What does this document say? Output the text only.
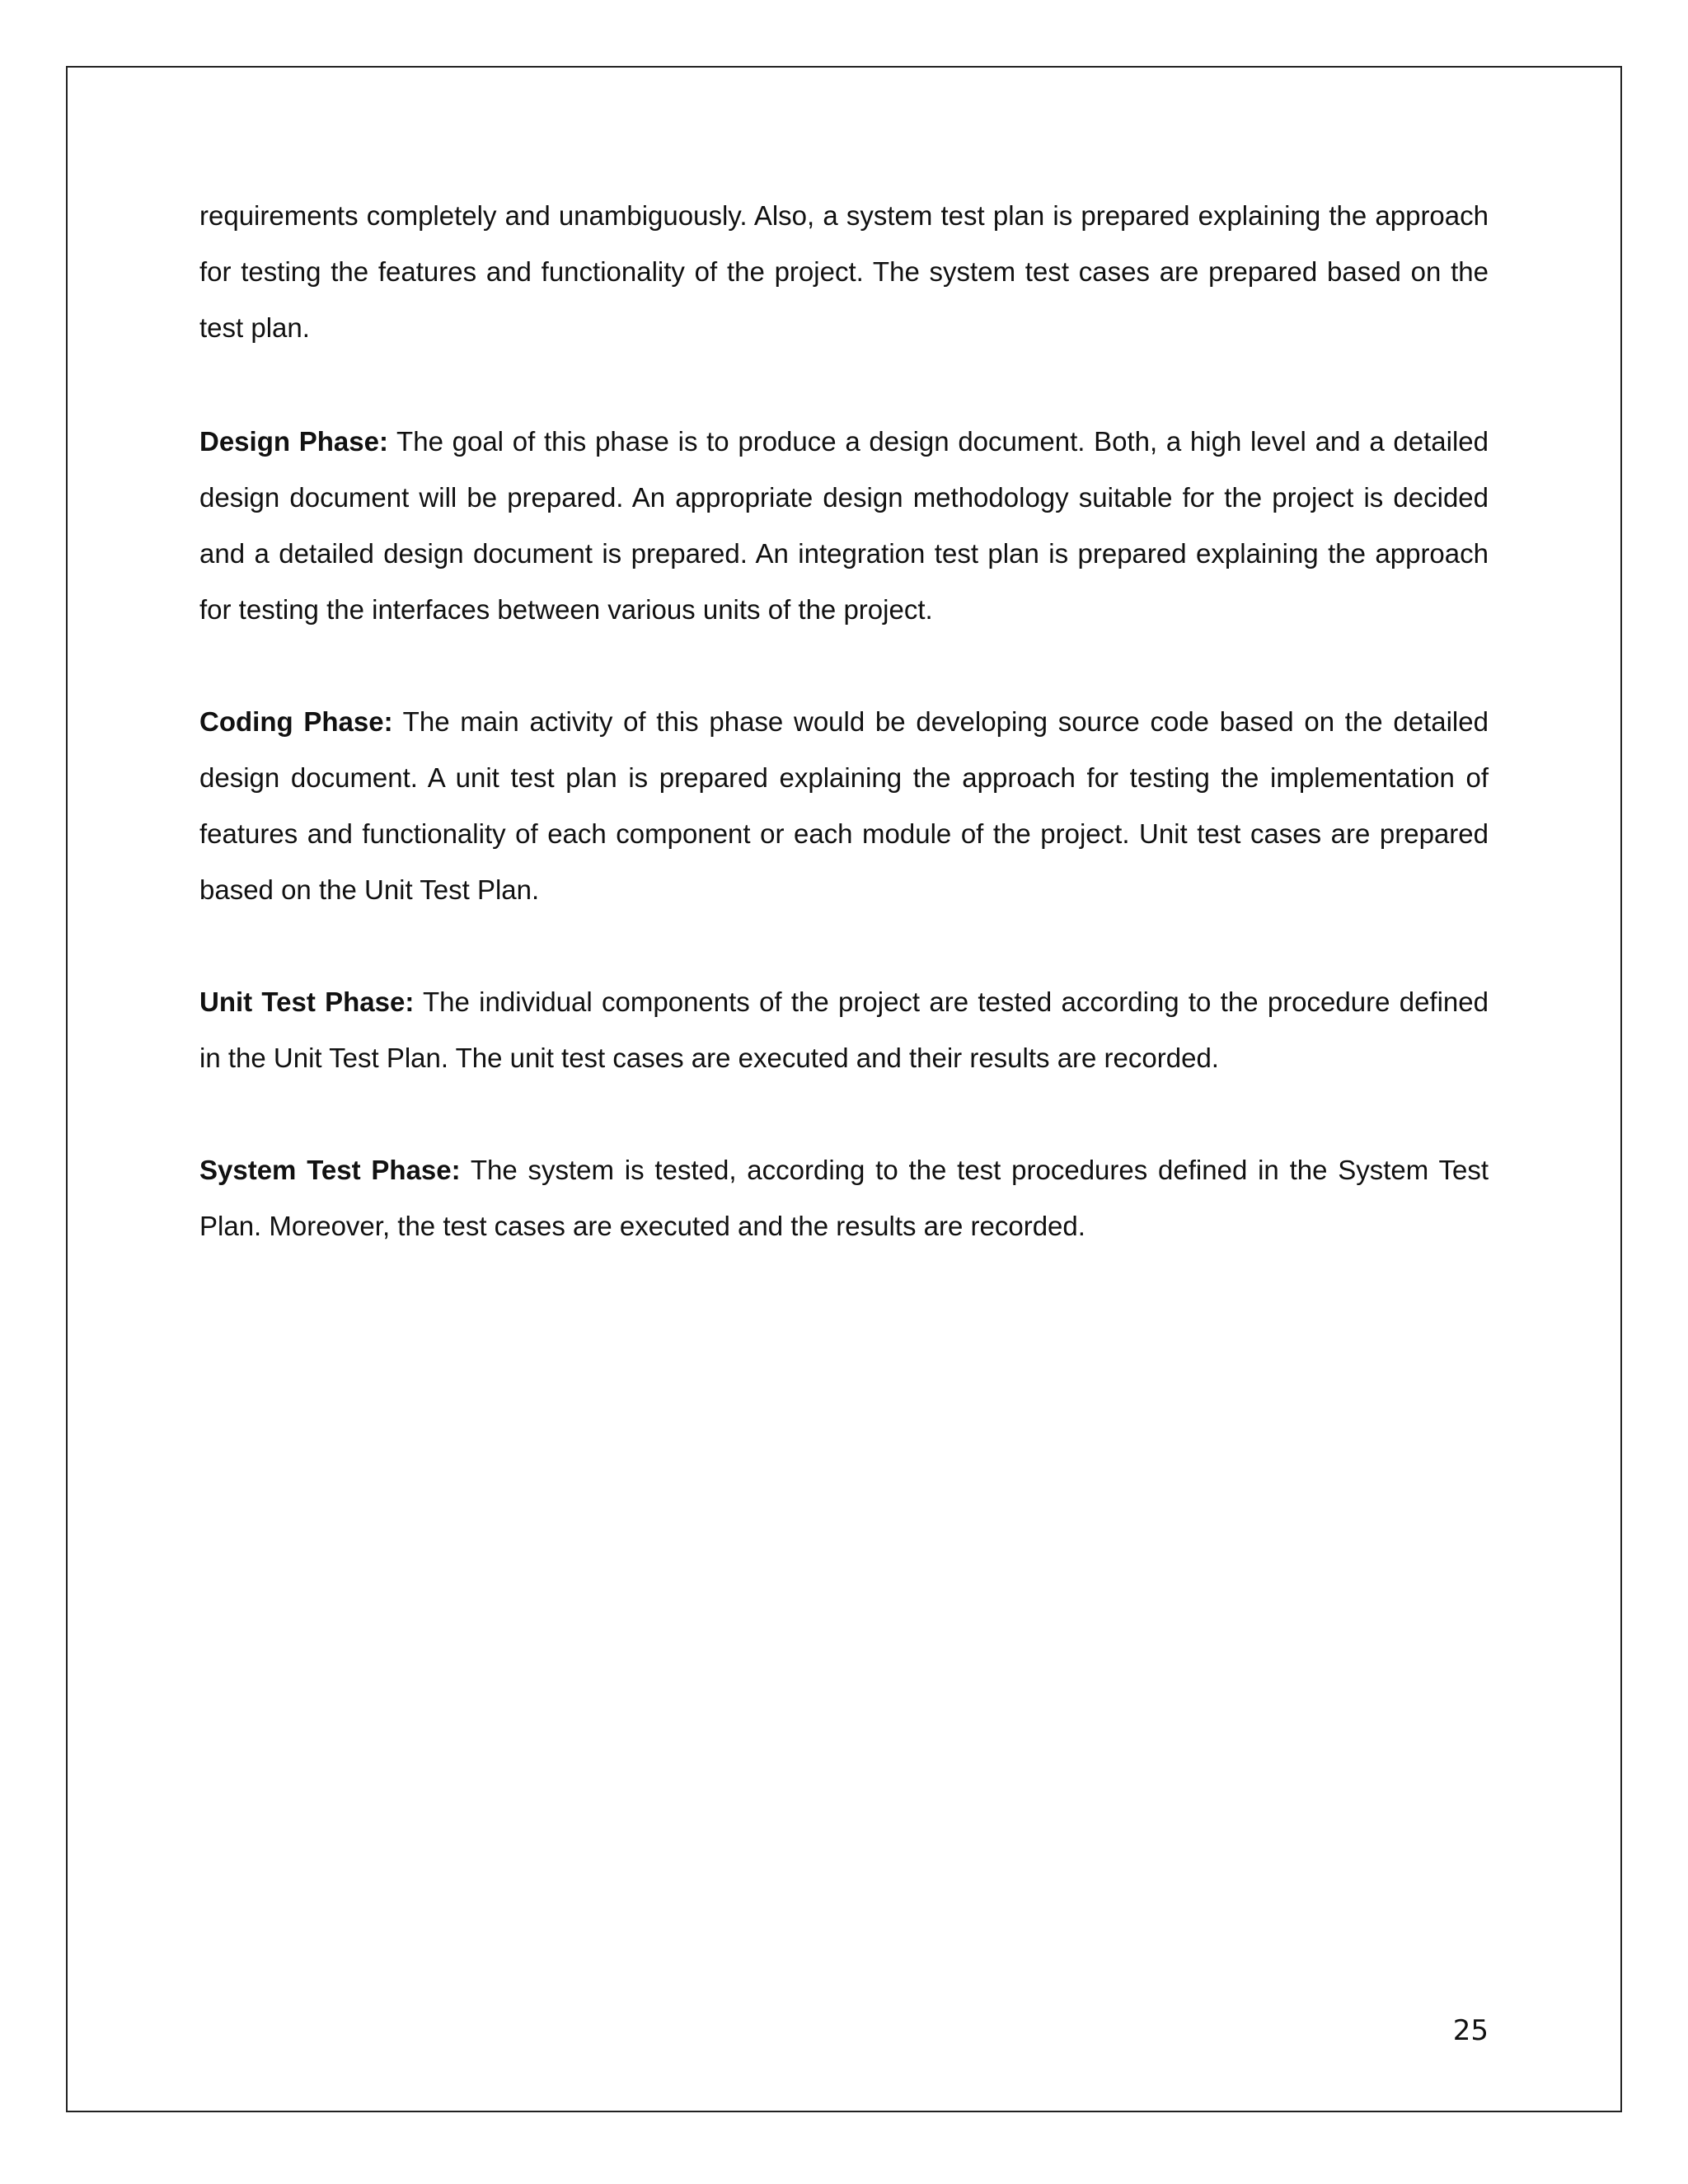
requirements completely and unambiguously. Also, a system test plan is prepared explaining the approach for testing the features and functionality of the project. The system test cases are prepared based on the test plan.

Design Phase: The goal of this phase is to produce a design document. Both, a high level and a detailed design document will be prepared. An appropriate design methodology suitable for the project is decided and a detailed design document is prepared. An integration test plan is prepared explaining the approach for testing the interfaces between various units of the project.

Coding Phase: The main activity of this phase would be developing source code based on the detailed design document. A unit test plan is prepared explaining the approach for testing the implementation of features and functionality of each component or each module of the project. Unit test cases are prepared based on the Unit Test Plan.

Unit Test Phase: The individual components of the project are tested according to the procedure defined in the Unit Test Plan. The unit test cases are executed and their results are recorded.

System Test Phase: The system is tested, according to the test procedures defined in the System Test Plan. Moreover, the test cases are executed and the results are recorded.

25
